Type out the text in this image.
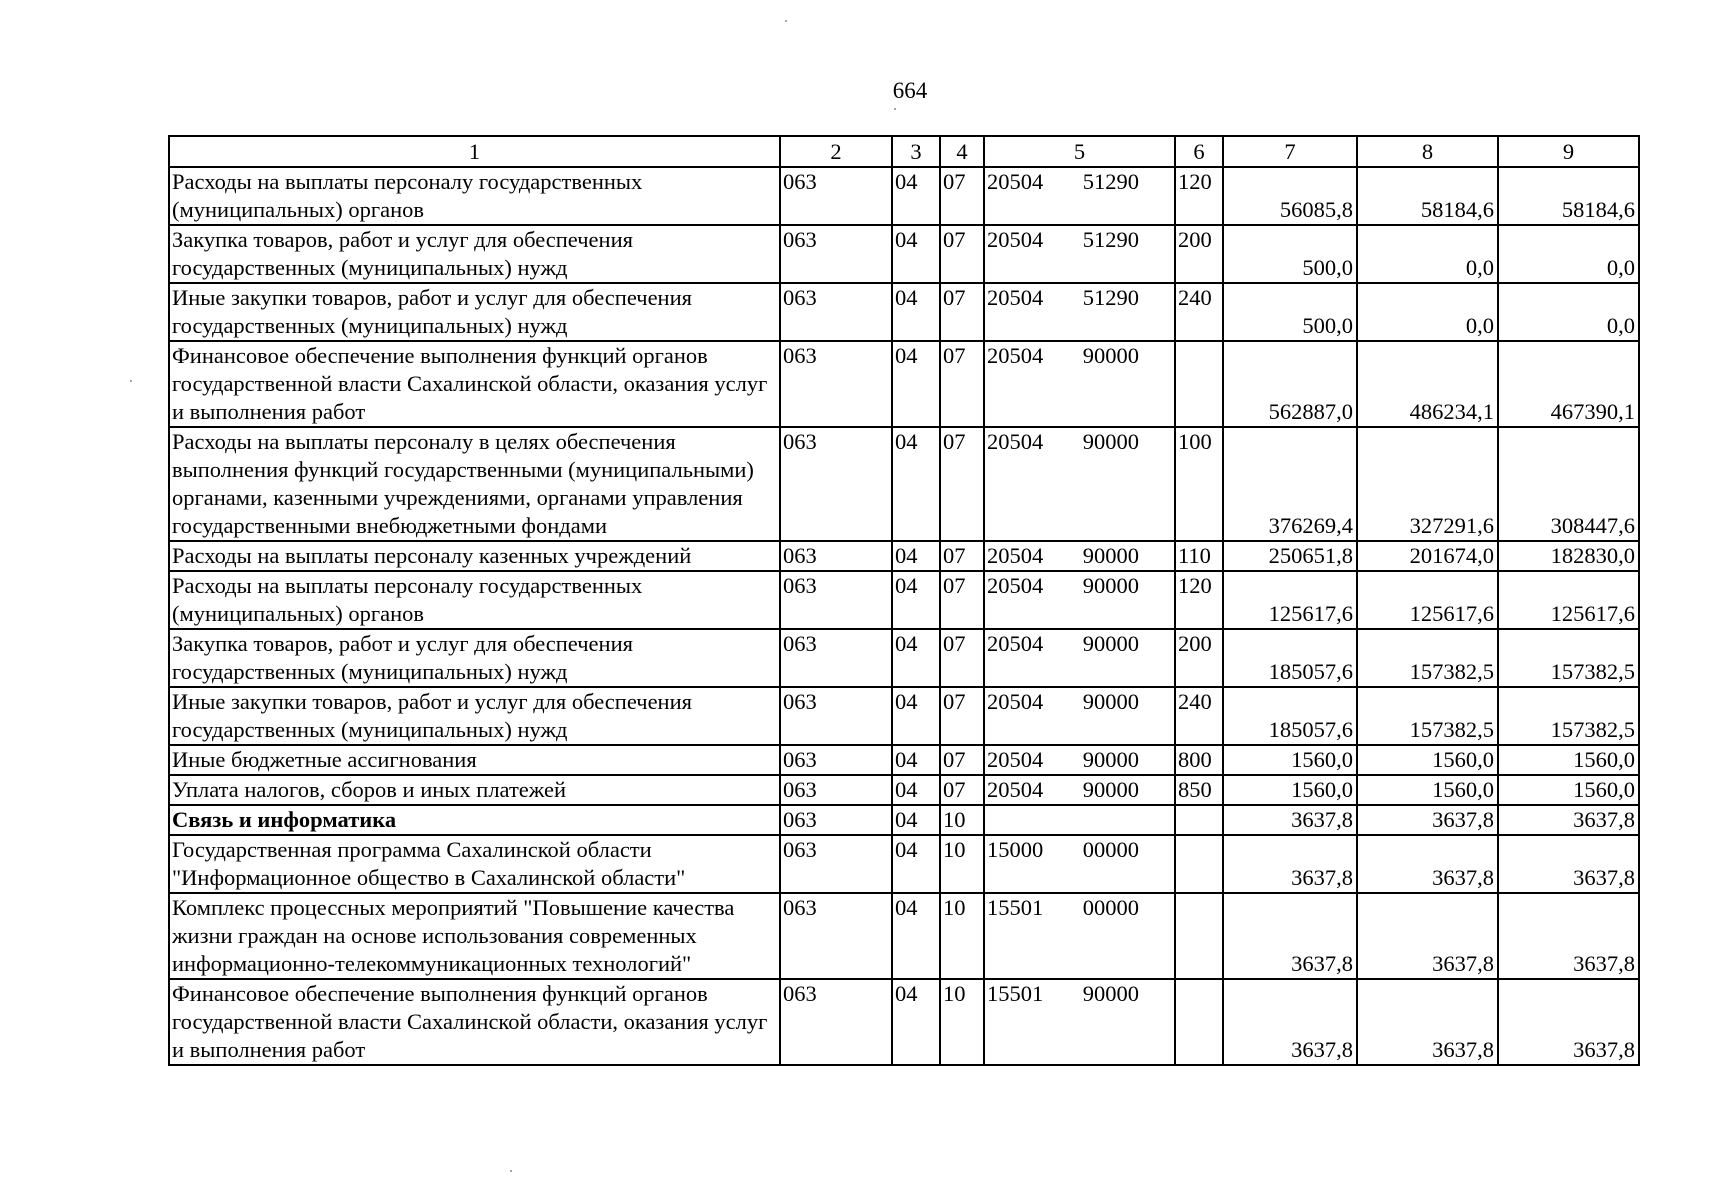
664
1	2	3	4	5	6	7	8	9
Расходы на выплаты персоналу государственных (муниципальных) органов	063	04	07	20504 51290	120	56085,8	58184,6	58184,6
Закупка товаров, работ и услуг для обеспечения государственных (муниципальных) нужд	063	04	07	20504 51290	200	500,0	0,0	0,0
Иные закупки товаров, работ и услуг для обеспечения государственных (муниципальных) нужд	063	04	07	20504 51290	240	500,0	0,0	0,0
Финансовое обеспечение выполнения функций органов государственной власти Сахалинской области, оказания услуг и выполнения работ	063	04	07	20504 90000		562887,0	486234,1	467390,1
Расходы на выплаты персоналу в целях обеспечения выполнения функций государственными (муниципальными) органами, казенными учреждениями, органами управления государственными внебюджетными фондами	063	04	07	20504 90000	100	376269,4	327291,6	308447,6
Расходы на выплаты персоналу казенных учреждений	063	04	07	20504 90000	110	250651,8	201674,0	182830,0
Расходы на выплаты персоналу государственных (муниципальных) органов	063	04	07	20504 90000	120	125617,6	125617,6	125617,6
Закупка товаров, работ и услуг для обеспечения государственных (муниципальных) нужд	063	04	07	20504 90000	200	185057,6	157382,5	157382,5
Иные закупки товаров, работ и услуг для обеспечения государственных (муниципальных) нужд	063	04	07	20504 90000	240	185057,6	157382,5	157382,5
Иные бюджетные ассигнования	063	04	07	20504 90000	800	1560,0	1560,0	1560,0
Уплата налогов, сборов и иных платежей	063	04	07	20504 90000	850	1560,0	1560,0	1560,0
Связь и информатика	063	04	10			3637,8	3637,8	3637,8
Государственная программа Сахалинской области "Информационное общество в Сахалинской области"	063	04	10	15000 00000		3637,8	3637,8	3637,8
Комплекс процессных мероприятий "Повышение качества жизни граждан на основе использования современных информационно-телекоммуникационных технологий"	063	04	10	15501 00000		3637,8	3637,8	3637,8
Финансовое обеспечение выполнения функций органов государственной власти Сахалинской области, оказания услуг и выполнения работ	063	04	10	15501 90000		3637,8	3637,8	3637,8
